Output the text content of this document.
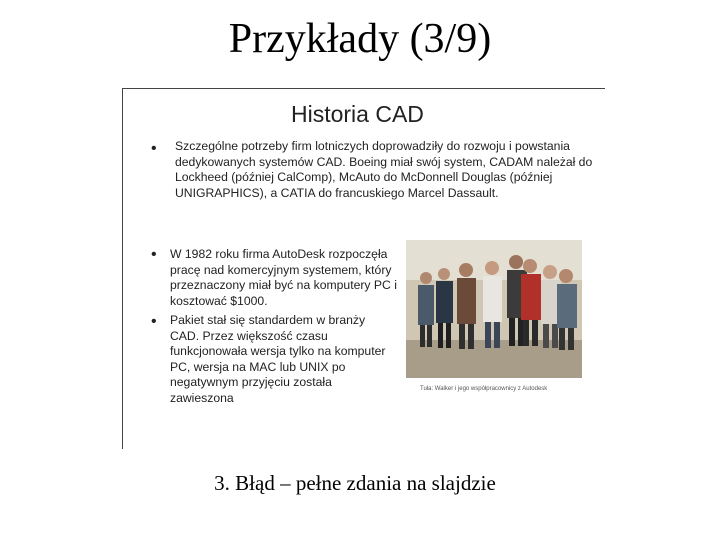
Przykłady (3/9)
Historia CAD
• Szczególne potrzeby firm lotniczych doprowadziły do rozwoju i powstania dedykowanych systemów CAD. Boeing miał swój system, CADAM należał do Lockheed (później CalComp), McAuto do McDonnell Douglas (później UNIGRAPHICS), a CATIA do francuskiego Marcel Dassault.
• W 1982 roku firma AutoDesk rozpoczęła pracę nad komercyjnym systemem, który przeznaczony miał być na komputery PC i kosztować $1000.
• Pakiet stał się standardem w branży CAD. Przez większość czasu funkcjonowała wersja tylko na komputer PC, wersja na MAC lub UNIX po negatywnym przyjęciu została zawieszona
Tuła: Walker i jego współpracownicy z Autodesk
3. Błąd – pełne zdania na slajdzie
